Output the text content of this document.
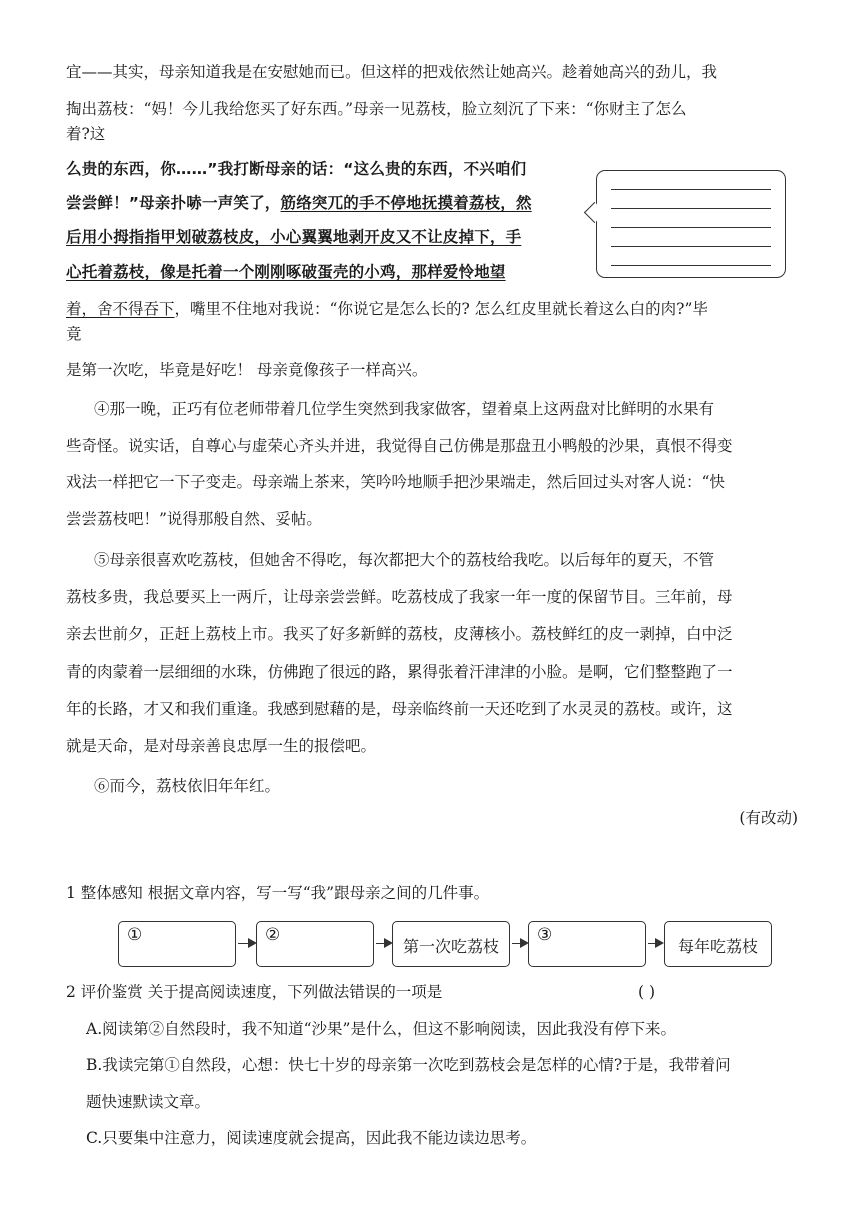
宜——其实，母亲知道我是在安慰她而已。但这样的把戏依然让她高兴。趁着她高兴的劲儿，我

掏出荔枝：“妈！今儿我给您买了好东西。”母亲一见荔枝，脸立刻沉了下来：“你财主了怎么

着?这

么贵的东西，你……”我打断母亲的话：“这么贵的东西，不兴咱们

尝尝鲜！”母亲扑哧一声笑了，筋络突兀的手不停地抚摸着荔枝，然

后用小拇指指甲划破荔枝皮，小心翼翼地剥开皮又不让皮掉下，手

心托着荔枝，像是托着一个刚刚啄破蛋壳的小鸡，那样爱怜地望

着，舍不得吞下，嘴里不住地对我说：“你说它是怎么长的? 怎么红皮里就长着这么白的肉?”毕

竟

是第一次吃，毕竟是好吃！ 母亲竟像孩子一样高兴。

④那一晚，正巧有位老师带着几位学生突然到我家做客，望着桌上这两盘对比鲜明的水果有

些奇怪。说实话，自尊心与虚荣心齐头并进，我觉得自己仿佛是那盘丑小鸭般的沙果，真恨不得变

戏法一样把它一下子变走。母亲端上茶来，笑吟吟地顺手把沙果端走，然后回过头对客人说：“快

尝尝荔枝吧！”说得那般自然、妥帖。

⑤母亲很喜欢吃荔枝，但她舍不得吃，每次都把大个的荔枝给我吃。以后每年的夏天，不管

荔枝多贵，我总要买上一两斤，让母亲尝尝鲜。吃荔枝成了我家一年一度的保留节目。三年前，母

亲去世前夕，正赶上荔枝上市。我买了好多新鲜的荔枝，皮薄核小。荔枝鲜红的皮一剥掉，白中泛

青的肉蒙着一层细细的水珠，仿佛跑了很远的路，累得张着汗津津的小脸。是啊，它们整整跑了一

年的长路，才又和我们重逢。我感到慰藉的是，母亲临终前一天还吃到了水灵灵的荔枝。或许，这

就是天命，是对母亲善良忠厚一生的报偿吧。

⑥而今，荔枝依旧年年红。

(有改动)

1 整体感知 根据文章内容，写一写“我”跟母亲之间的几件事。

①	②
第一次吃荔枝
③
每年吃荔枝

2 评价鉴赏 关于提高阅读速度，下列做法错误的一项是	( )

A.阅读第②自然段时，我不知道“沙果”是什么，但这不影响阅读，因此我没有停下来。

B.我读完第①自然段，心想：快七十岁的母亲第一次吃到荔枝会是怎样的心情?于是，我带着问

题快速默读文章。

C.只要集中注意力，阅读速度就会提高，因此我不能边读边思考。
